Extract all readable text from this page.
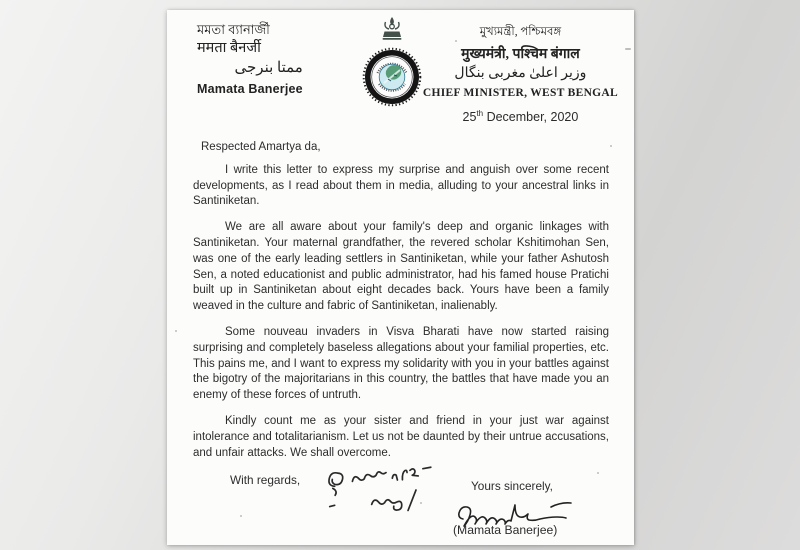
মমতা ব্যানার্জী
ममता बैनर्जी
ممتا بنرجی
Mamata Banerjee
মুখ্যমন্ত্রী, পশ্চিমবঙ্গ
मुख्यमंत्री, पश्चिम बंगाल
وزیر اعلیٰ مغربی بنگال
CHIEF MINISTER, WEST BENGAL
25th December, 2020

Respected Amartya da,

I write this letter to express my surprise and anguish over some recent developments, as I read about them in media, alluding to your ancestral links in Santiniketan.

We are all aware about your family's deep and organic linkages with Santiniketan. Your maternal grandfather, the revered scholar Kshitimohan Sen, was one of the early leading settlers in Santiniketan, while your father Ashutosh Sen, a noted educationist and public administrator, had his famed house Pratichi built up in Santiniketan about eight decades back. Yours have been a family weaved in the culture and fabric of Santiniketan, inalienably.

Some nouveau invaders in Visva Bharati have now started raising surprising and completely baseless allegations about your familial properties, etc. This pains me, and I want to express my solidarity with you in your battles against the bigotry of the majoritarians in this country, the battles that have made you an enemy of these forces of untruth.

Kindly count me as your sister and friend in your just war against intolerance and totalitarianism. Let us not be daunted by their untrue accusations, and unfair attacks. We shall overcome.

With regards,	Yours sincerely,
(Mamata Banerjee)
